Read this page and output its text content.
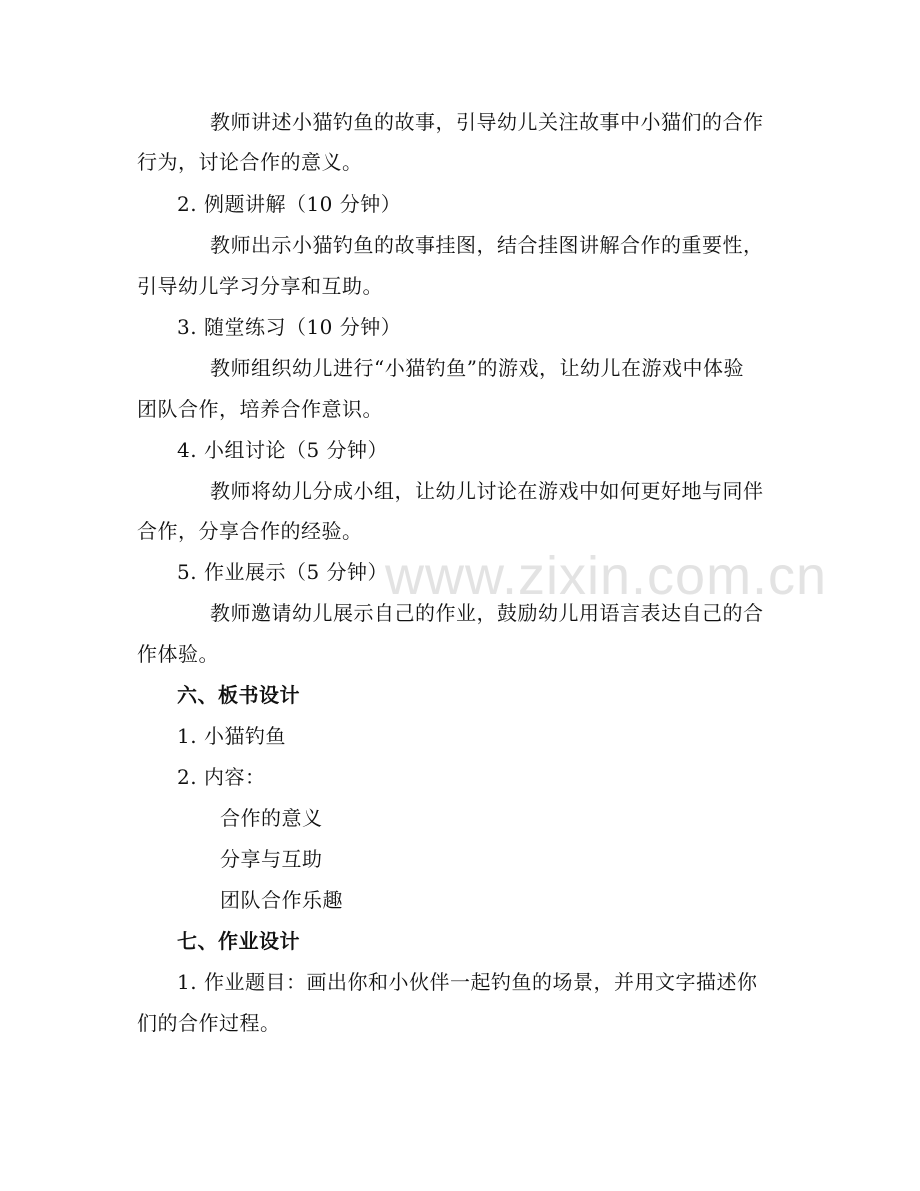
www.zixin.com.cn
教师讲述小猫钓鱼的故事，引导幼儿关注故事中小猫们的合作
行为，讨论合作的意义。
2. 例题讲解（10 分钟）
教师出示小猫钓鱼的故事挂图，结合挂图讲解合作的重要性，
引导幼儿学习分享和互助。
3. 随堂练习（10 分钟）
教师组织幼儿进行“小猫钓鱼”的游戏，让幼儿在游戏中体验
团队合作，培养合作意识。
4. 小组讨论（5 分钟）
教师将幼儿分成小组，让幼儿讨论在游戏中如何更好地与同伴
合作，分享合作的经验。
5. 作业展示（5 分钟）
教师邀请幼儿展示自己的作业，鼓励幼儿用语言表达自己的合
作体验。
六、板书设计
1. 小猫钓鱼
2. 内容：
合作的意义
分享与互助
团队合作乐趣
七、作业设计
1. 作业题目：画出你和小伙伴一起钓鱼的场景，并用文字描述你
们的合作过程。
